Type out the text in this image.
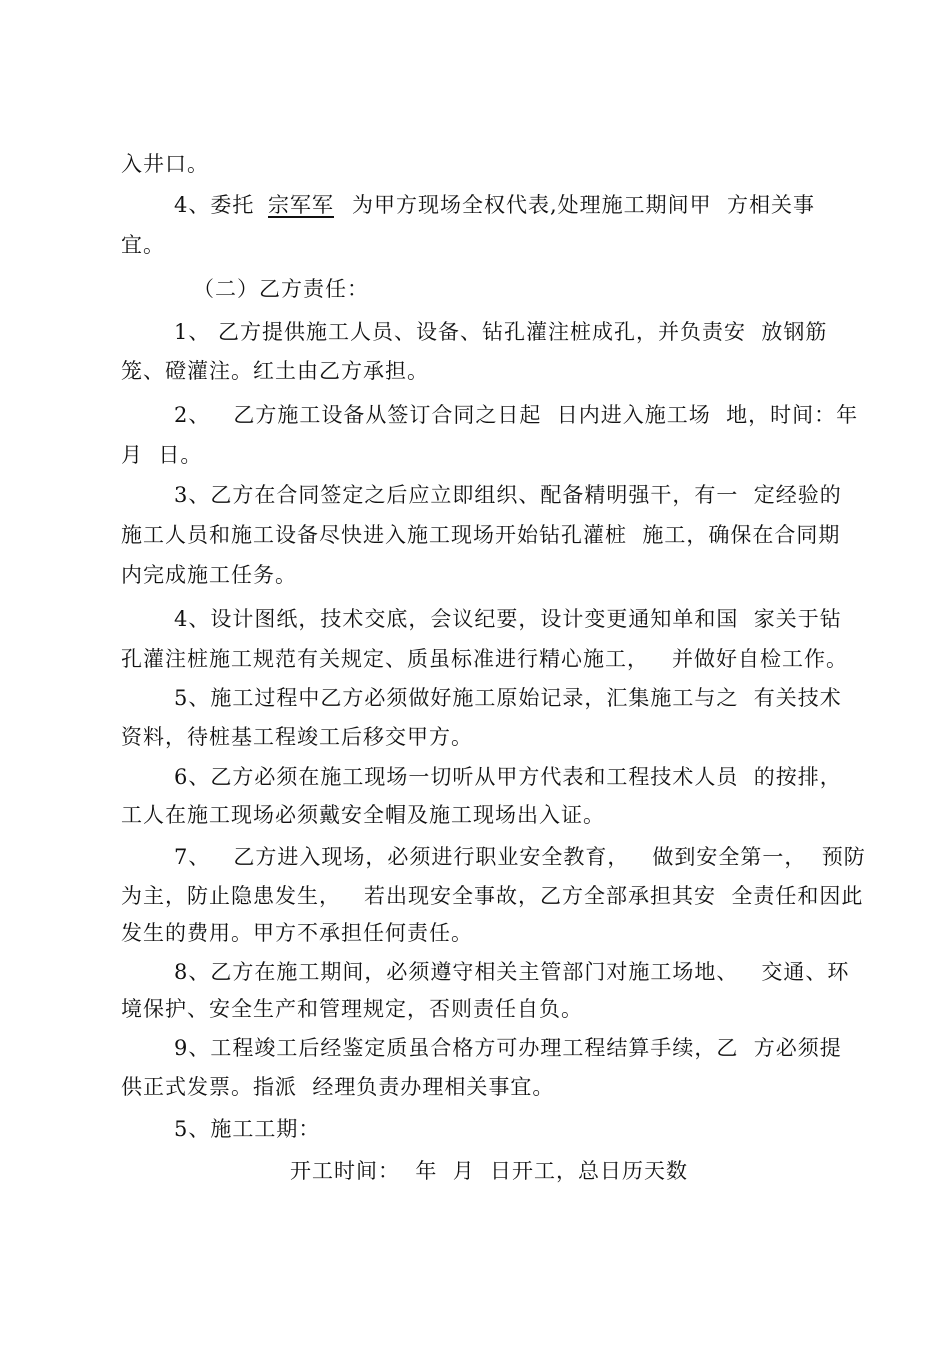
入井口。
4、委托 宗军军 为甲方现场全权代表,处理施工期间甲  方相关事
宜。
（二）乙方责任：
1、 乙方提供施工人员、设备、钻孔灌注桩成孔，并负责安  放钢筋
笼、磴灌注。红土由乙方承担。
2、   乙方施工设备从签订合同之日起  日内进入施工场  地，时间：年
月  日。
3、乙方在合同签定之后应立即组织、配备精明强干，有一  定经验的
施工人员和施工设备尽快进入施工现场开始钻孔灌桩  施工，确保在合同期
内完成施工任务。
4、设计图纸，技术交底，会议纪要，设计变更通知单和国  家关于钻
孔灌注桩施工规范有关规定、质虽标准进行精心施工，   并做好自检工作。
5、施工过程中乙方必须做好施工原始记录，汇集施工与之  有关技术
资料，待桩基工程竣工后移交甲方。
6、乙方必须在施工现场一切听从甲方代表和工程技术人员  的按排，
工人在施工现场必须戴安全帽及施工现场出入证。
7、   乙方进入现场，必须进行职业安全教育，   做到安全第一，  预防
为主，防止隐患发生，   若出现安全事故，乙方全部承担其安  全责任和因此
发生的费用。甲方不承担任何责任。
8、乙方在施工期间，必须遵守相关主管部门对施工场地、   交通、环
境保护、安全生产和管理规定，否则责任自负。
9、工程竣工后经鉴定质虽合格方可办理工程结算手续，乙  方必须提
供正式发票。指派  经理负责办理相关事宜。
5、施工工期：
开工时间：  年  月  日开工，总日历天数
